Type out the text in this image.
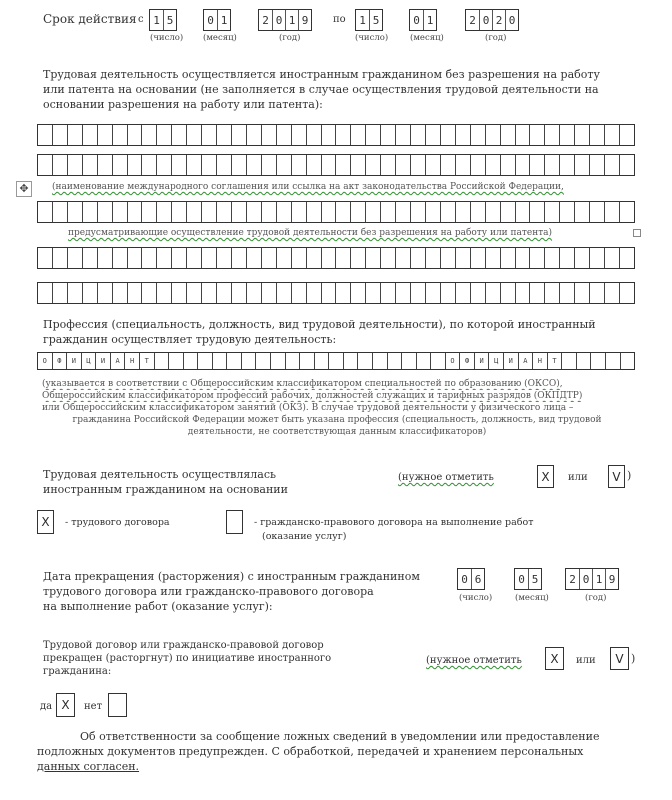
Срок действия с 1 5	0 1	2 0 1 9 по 1 5	0 1	2 0 2 0
(число) (месяц)	(год)	(число)	(месяц)	(год)
Трудовая деятельность осуществляется иностранным гражданином без разрешения на работу
или патента на основании (не заполняется в случае осуществления трудовой деятельности на
основании разрешения на работу или патента):
✥	(наименование международного соглашения или ссылка на акт законодательства Российской Федерации,
предусматривающие осуществление трудовой деятельности без разрешения на работу или патента)
Профессия (специальность, должность, вид трудовой деятельности), по которой иностранный
гражданин осуществляет трудовую деятельность:
О	Ф	И	Ц	И	А	Н	Т	О	Ф	И	Ц	И	А	Н	Т
(указывается в соответствии с Общероссийским классификатором специальностей по образованию (ОКСО),
Общероссийским классификатором профессий рабочих, должностей служащих и тарифных разрядов (ОКПДТР)
или Общероссийским классификатором занятий (ОКЗ). В случае трудовой деятельности у физического лица –
гражданина Российской Федерации может быть указана профессия (специальность, должность, вид трудовой
деятельности, не соответствующая данным классификаторов)
Трудовая деятельность осуществлялась
иностранным гражданином на основании
(нужное отметить	X	или	V )
X	- трудового договора	- гражданско-правового договора на выполнение работ
(оказание услуг)
Дата прекращения (расторжения) с иностранным гражданином
трудового договора или гражданско-правового договора
на выполнение работ (оказание услуг):
0 6	0 5	2 0 1 9
(число)	(месяц)	(год)
Трудовой договор или гражданско-правовой договор
прекращен (расторгнут) по инициативе иностранного
гражданина:
(нужное отметить	X	или	V )
да X	нет
Об ответственности за сообщение ложных сведений в уведомлении или предоставление
подложных документов предупрежден. С обработкой, передачей и хранением персональных
данных согласен.
